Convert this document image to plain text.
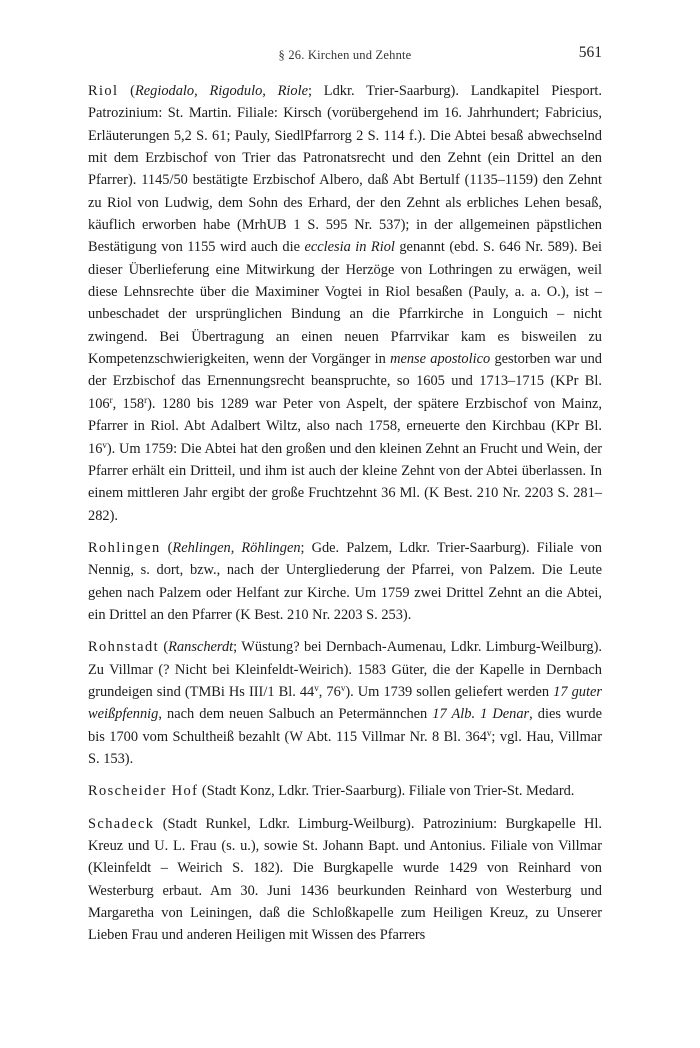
§ 26. Kirchen und Zehnte	561

Riol (Regiodalo, Rigodulo, Riole; Ldkr. Trier-Saarburg). Landkapitel Piesport. Patrozinium: St. Martin. Filiale: Kirsch (vorübergehend im 16. Jahrhundert; Fabricius, Erläuterungen 5,2 S. 61; Pauly, SiedlPfarrorg 2 S. 114 f.). Die Abtei besaß abwechselnd mit dem Erzbischof von Trier das Patronatsrecht und den Zehnt (ein Drittel an den Pfarrer). 1145/50 bestätigte Erzbischof Albero, daß Abt Bertulf (1135–1159) den Zehnt zu Riol von Ludwig, dem Sohn des Erhard, der den Zehnt als erbliches Lehen besaß, käuflich erworben habe (MrhUB 1 S. 595 Nr. 537); in der allgemeinen päpstlichen Bestätigung von 1155 wird auch die ecclesia in Riol genannt (ebd. S. 646 Nr. 589). Bei dieser Überlieferung eine Mitwirkung der Herzöge von Lothringen zu erwägen, weil diese Lehnsrechte über die Maximiner Vogtei in Riol besaßen (Pauly, a. a. O.), ist – unbeschadet der ursprünglichen Bindung an die Pfarrkirche in Longuich – nicht zwingend. Bei Übertragung an einen neuen Pfarrvikar kam es bisweilen zu Kompetenzschwierigkeiten, wenn der Vorgänger in mense apostolico gestorben war und der Erzbischof das Ernennungsrecht beanspruchte, so 1605 und 1713–1715 (KPr Bl. 106$^r$, 158$^r$). 1280 bis 1289 war Peter von Aspelt, der spätere Erzbischof von Mainz, Pfarrer in Riol. Abt Adalbert Wiltz, also nach 1758, erneuerte den Kirchbau (KPr Bl. 16$^v$). Um 1759: Die Abtei hat den großen und den kleinen Zehnt an Frucht und Wein, der Pfarrer erhält ein Dritteil, und ihm ist auch der kleine Zehnt von der Abtei überlassen. In einem mittleren Jahr ergibt der große Fruchtzehnt 36 Ml. (K Best. 210 Nr. 2203 S. 281–282).

Rohlingen (Rehlingen, Röhlingen; Gde. Palzem, Ldkr. Trier-Saarburg). Filiale von Nennig, s. dort, bzw., nach der Untergliederung der Pfarrei, von Palzem. Die Leute gehen nach Palzem oder Helfant zur Kirche. Um 1759 zwei Drittel Zehnt an die Abtei, ein Drittel an den Pfarrer (K Best. 210 Nr. 2203 S. 253).

Rohnstadt (Ranscherdt; Wüstung? bei Dernbach-Aumenau, Ldkr. Limburg-Weilburg). Zu Villmar (? Nicht bei Kleinfeldt-Weirich). 1583 Güter, die der Kapelle in Dernbach grundeigen sind (TMBi Hs III/1 Bl. 44$^v$, 76$^v$). Um 1739 sollen geliefert werden 17 guter weißpfennig, nach dem neuen Salbuch an Petermännchen 17 Alb. 1 Denar, dies wurde bis 1700 vom Schultheiß bezahlt (W Abt. 115 Villmar Nr. 8 Bl. 364$^v$; vgl. Hau, Villmar S. 153).

Roscheider Hof (Stadt Konz, Ldkr. Trier-Saarburg). Filiale von Trier-St. Medard.

Schadeck (Stadt Runkel, Ldkr. Limburg-Weilburg). Patrozinium: Burgkapelle Hl. Kreuz und U. L. Frau (s. u.), sowie St. Johann Bapt. und Antonius. Filiale von Villmar (Kleinfeldt – Weirich S. 182). Die Burgkapelle wurde 1429 von Reinhard von Westerburg erbaut. Am 30. Juni 1436 beurkunden Reinhard von Westerburg und Margaretha von Leiningen, daß die Schloßkapelle zum Heiligen Kreuz, zu Unserer Lieben Frau und anderen Heiligen mit Wissen des Pfarrers
